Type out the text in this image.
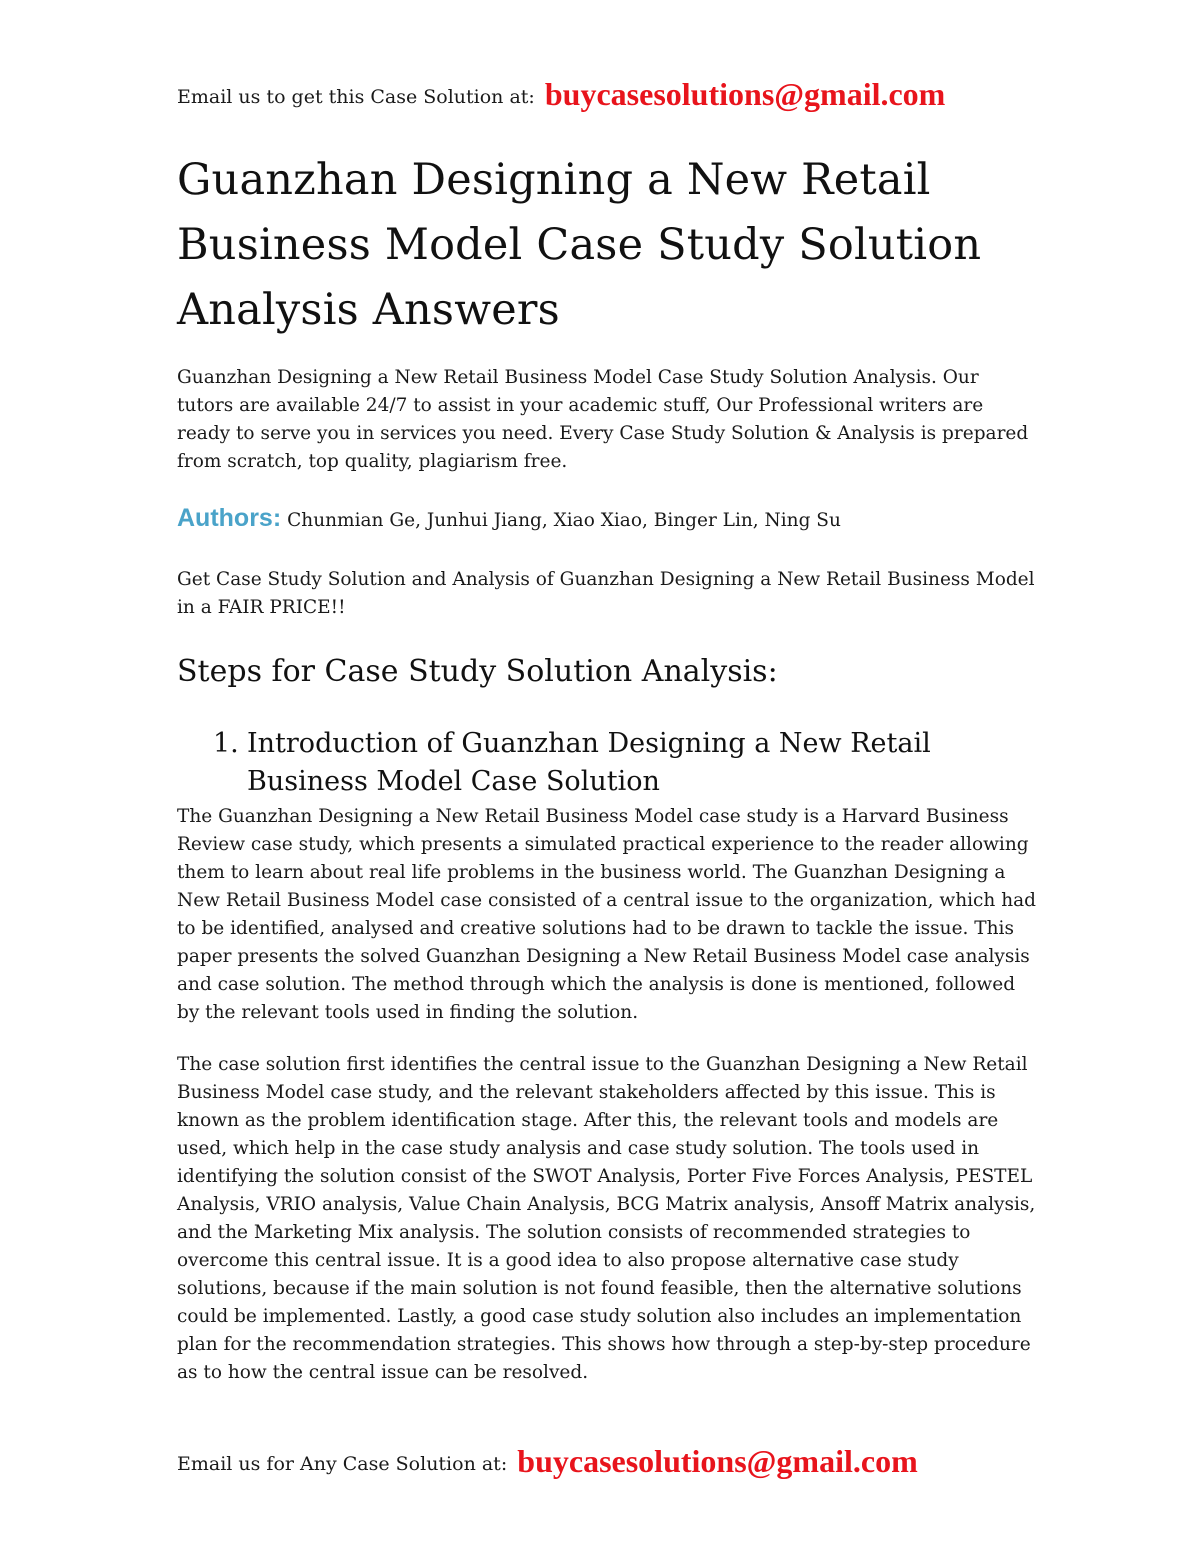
Email us to get this Case Solution at: buycasesolutions@gmail.com
Guanzhan Designing a New Retail Business Model Case Study Solution Analysis Answers

Guanzhan Designing a New Retail Business Model Case Study Solution Analysis. Our tutors are available 24/7 to assist in your academic stuff, Our Professional writers are ready to serve you in services you need. Every Case Study Solution & Analysis is prepared from scratch, top quality, plagiarism free.

Authors: Chunmian Ge, Junhui Jiang, Xiao Xiao, Binger Lin, Ning Su

Get Case Study Solution and Analysis of Guanzhan Designing a New Retail Business Model in a FAIR PRICE!!

Steps for Case Study Solution Analysis:
1. Introduction of Guanzhan Designing a New Retail Business Model Case Solution

The Guanzhan Designing a New Retail Business Model case study is a Harvard Business Review case study, which presents a simulated practical experience to the reader allowing them to learn about real life problems in the business world. The Guanzhan Designing a New Retail Business Model case consisted of a central issue to the organization, which had to be identified, analysed and creative solutions had to be drawn to tackle the issue. This paper presents the solved Guanzhan Designing a New Retail Business Model case analysis and case solution. The method through which the analysis is done is mentioned, followed by the relevant tools used in finding the solution.

The case solution first identifies the central issue to the Guanzhan Designing a New Retail Business Model case study, and the relevant stakeholders affected by this issue. This is known as the problem identification stage. After this, the relevant tools and models are used, which help in the case study analysis and case study solution. The tools used in identifying the solution consist of the SWOT Analysis, Porter Five Forces Analysis, PESTEL Analysis, VRIO analysis, Value Chain Analysis, BCG Matrix analysis, Ansoff Matrix analysis, and the Marketing Mix analysis. The solution consists of recommended strategies to overcome this central issue. It is a good idea to also propose alternative case study solutions, because if the main solution is not found feasible, then the alternative solutions could be implemented. Lastly, a good case study solution also includes an implementation plan for the recommendation strategies. This shows how through a step-by-step procedure as to how the central issue can be resolved.

Email us for Any Case Solution at: buycasesolutions@gmail.com
